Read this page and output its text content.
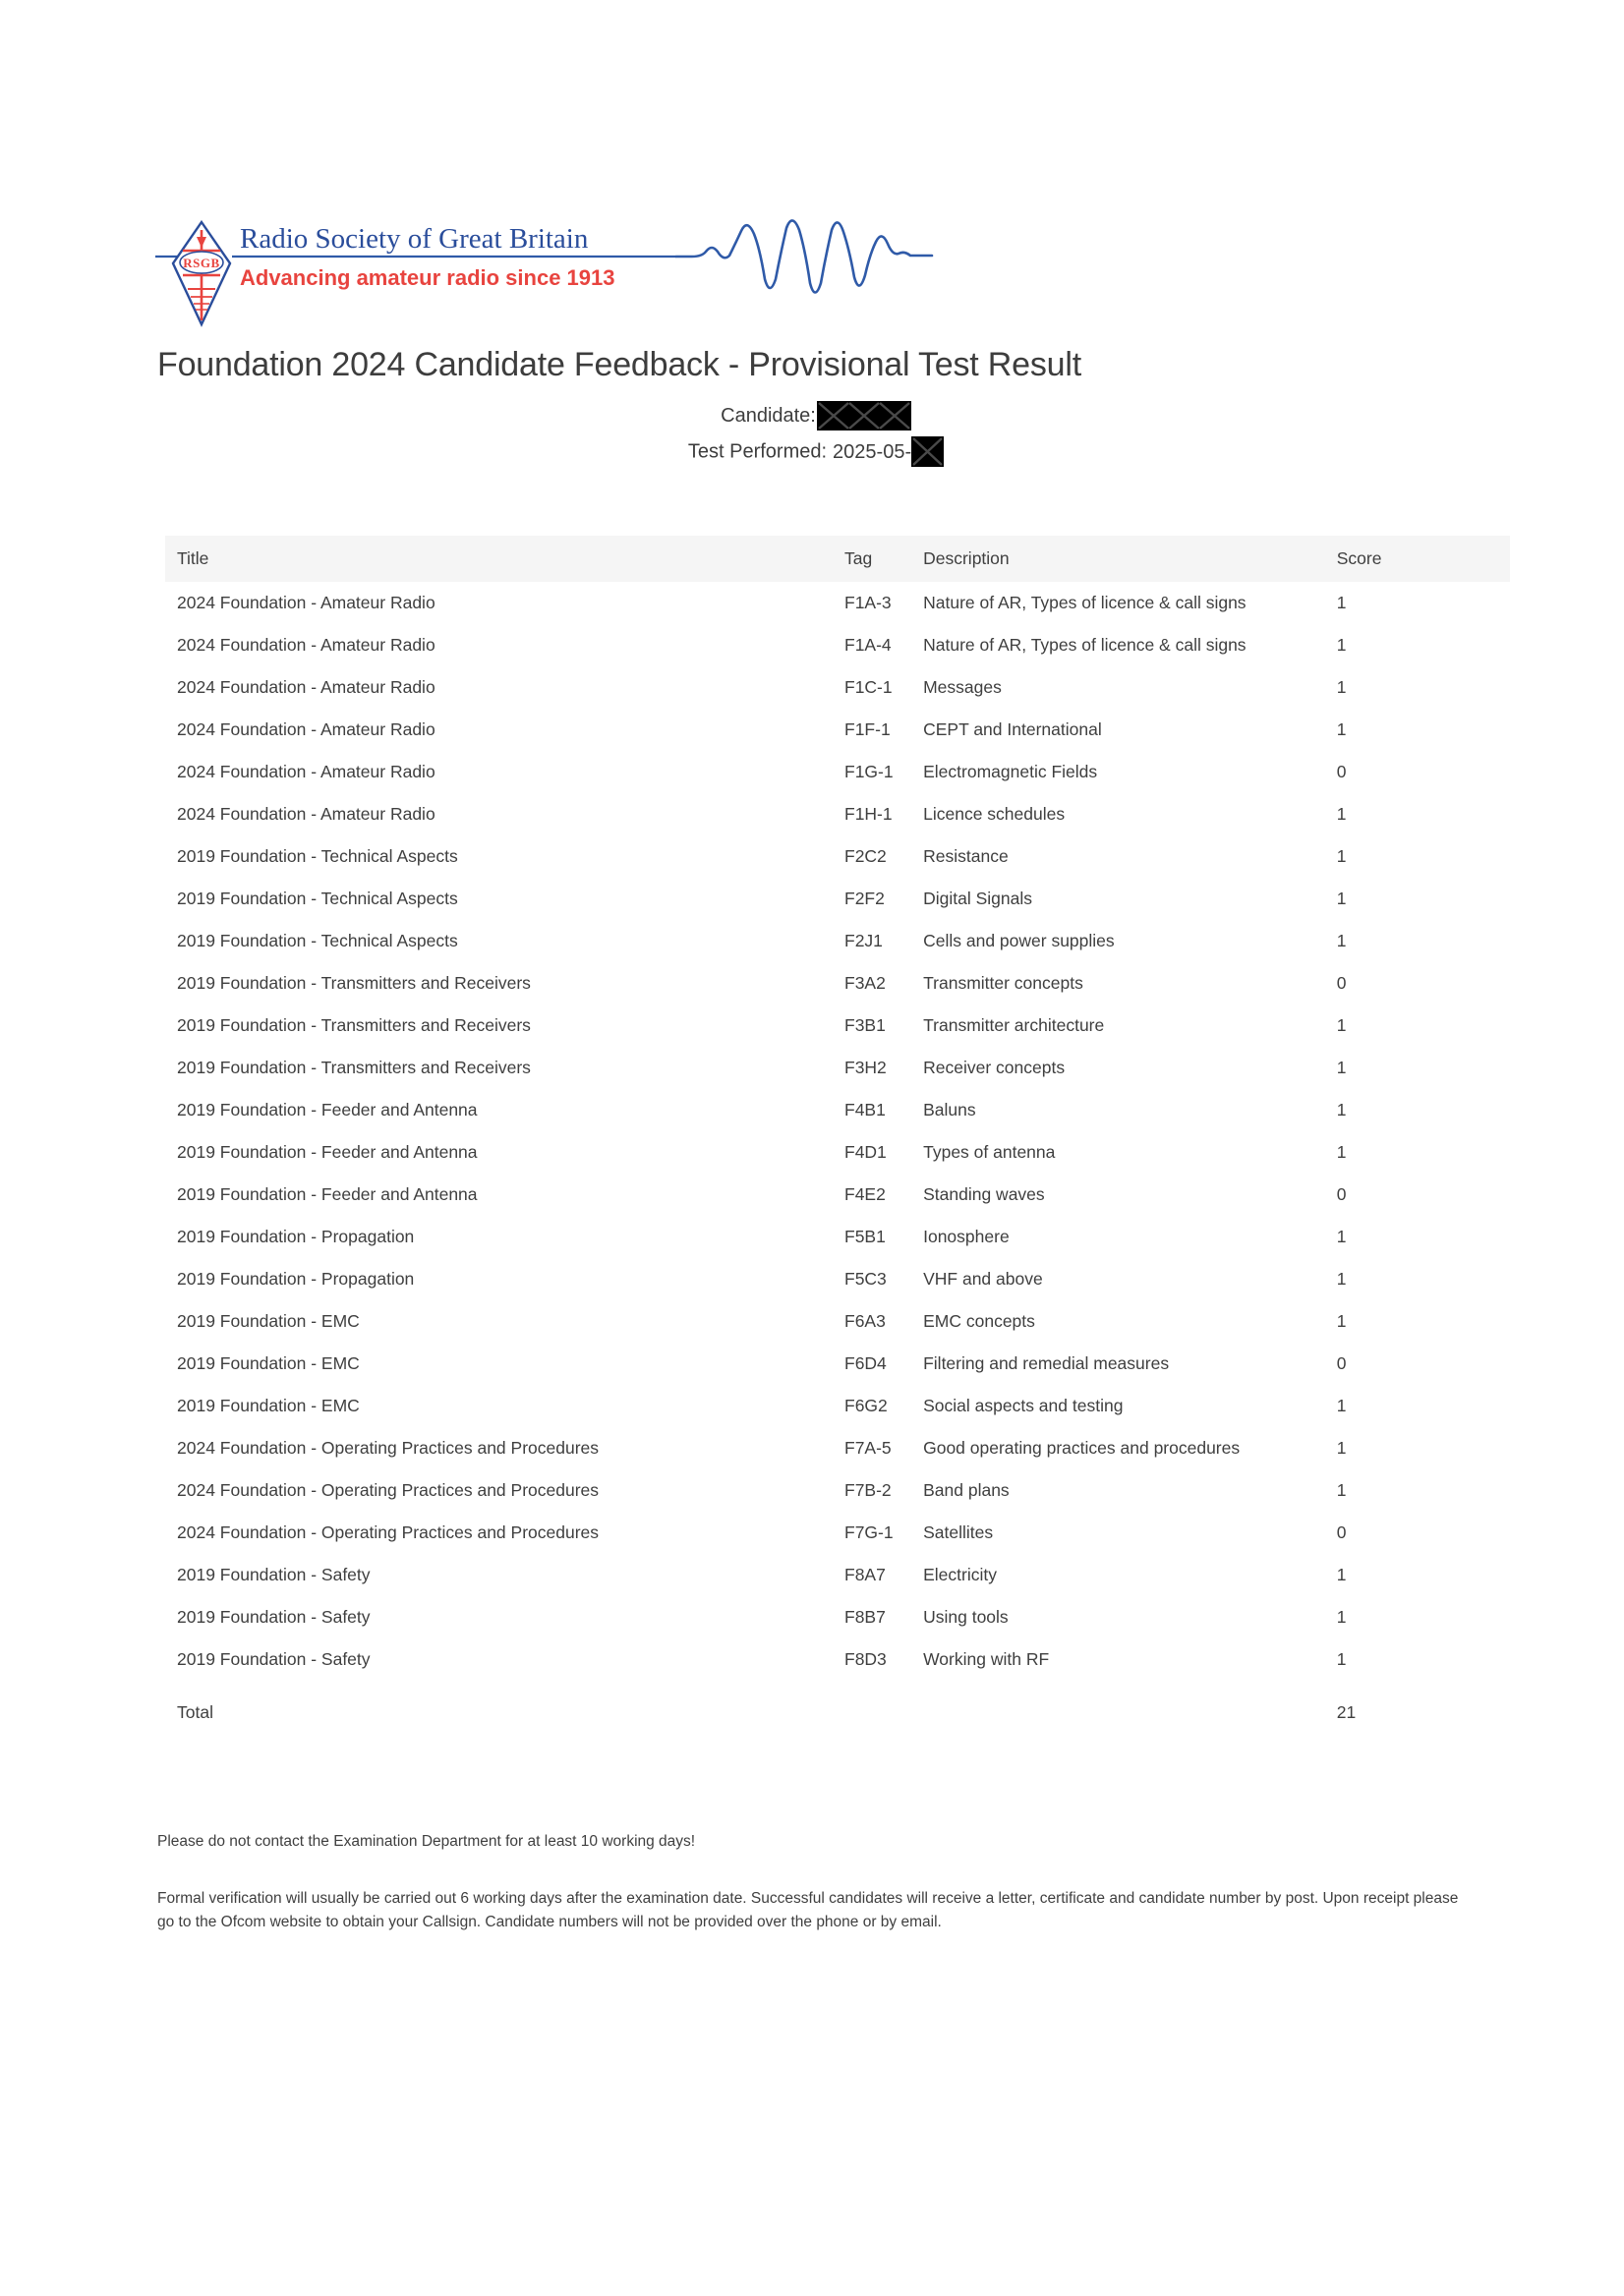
RSGB
Radio Society of Great Britain
Advancing amateur radio since 1913
Foundation 2024 Candidate Feedback - Provisional Test Result
Candidate:
Test Performed: 2025-05-
Title	Tag	Description	Score
2024 Foundation - Amateur Radio	F1A-3	Nature of AR, Types of licence & call signs	1
2024 Foundation - Amateur Radio	F1A-4	Nature of AR, Types of licence & call signs	1
2024 Foundation - Amateur Radio	F1C-1	Messages	1
2024 Foundation - Amateur Radio	F1F-1	CEPT and International	1
2024 Foundation - Amateur Radio	F1G-1	Electromagnetic Fields	0
2024 Foundation - Amateur Radio	F1H-1	Licence schedules	1
2019 Foundation - Technical Aspects	F2C2	Resistance	1
2019 Foundation - Technical Aspects	F2F2	Digital Signals	1
2019 Foundation - Technical Aspects	F2J1	Cells and power supplies	1
2019 Foundation - Transmitters and Receivers	F3A2	Transmitter concepts	0
2019 Foundation - Transmitters and Receivers	F3B1	Transmitter architecture	1
2019 Foundation - Transmitters and Receivers	F3H2	Receiver concepts	1
2019 Foundation - Feeder and Antenna	F4B1	Baluns	1
2019 Foundation - Feeder and Antenna	F4D1	Types of antenna	1
2019 Foundation - Feeder and Antenna	F4E2	Standing waves	0
2019 Foundation - Propagation	F5B1	Ionosphere	1
2019 Foundation - Propagation	F5C3	VHF and above	1
2019 Foundation - EMC	F6A3	EMC concepts	1
2019 Foundation - EMC	F6D4	Filtering and remedial measures	0
2019 Foundation - EMC	F6G2	Social aspects and testing	1
2024 Foundation - Operating Practices and Procedures	F7A-5	Good operating practices and procedures	1
2024 Foundation - Operating Practices and Procedures	F7B-2	Band plans	1
2024 Foundation - Operating Practices and Procedures	F7G-1	Satellites	0
2019 Foundation - Safety	F8A7	Electricity	1
2019 Foundation - Safety	F8B7	Using tools	1
2019 Foundation - Safety	F8D3	Working with RF	1
Total			21

Please do not contact the Examination Department for at least 10 working days!

Formal verification will usually be carried out 6 working days after the examination date. Successful candidates will receive a letter, certificate and candidate number by post. Upon receipt please go to the Ofcom website to obtain your Callsign. Candidate numbers will not be provided over the phone or by email.
